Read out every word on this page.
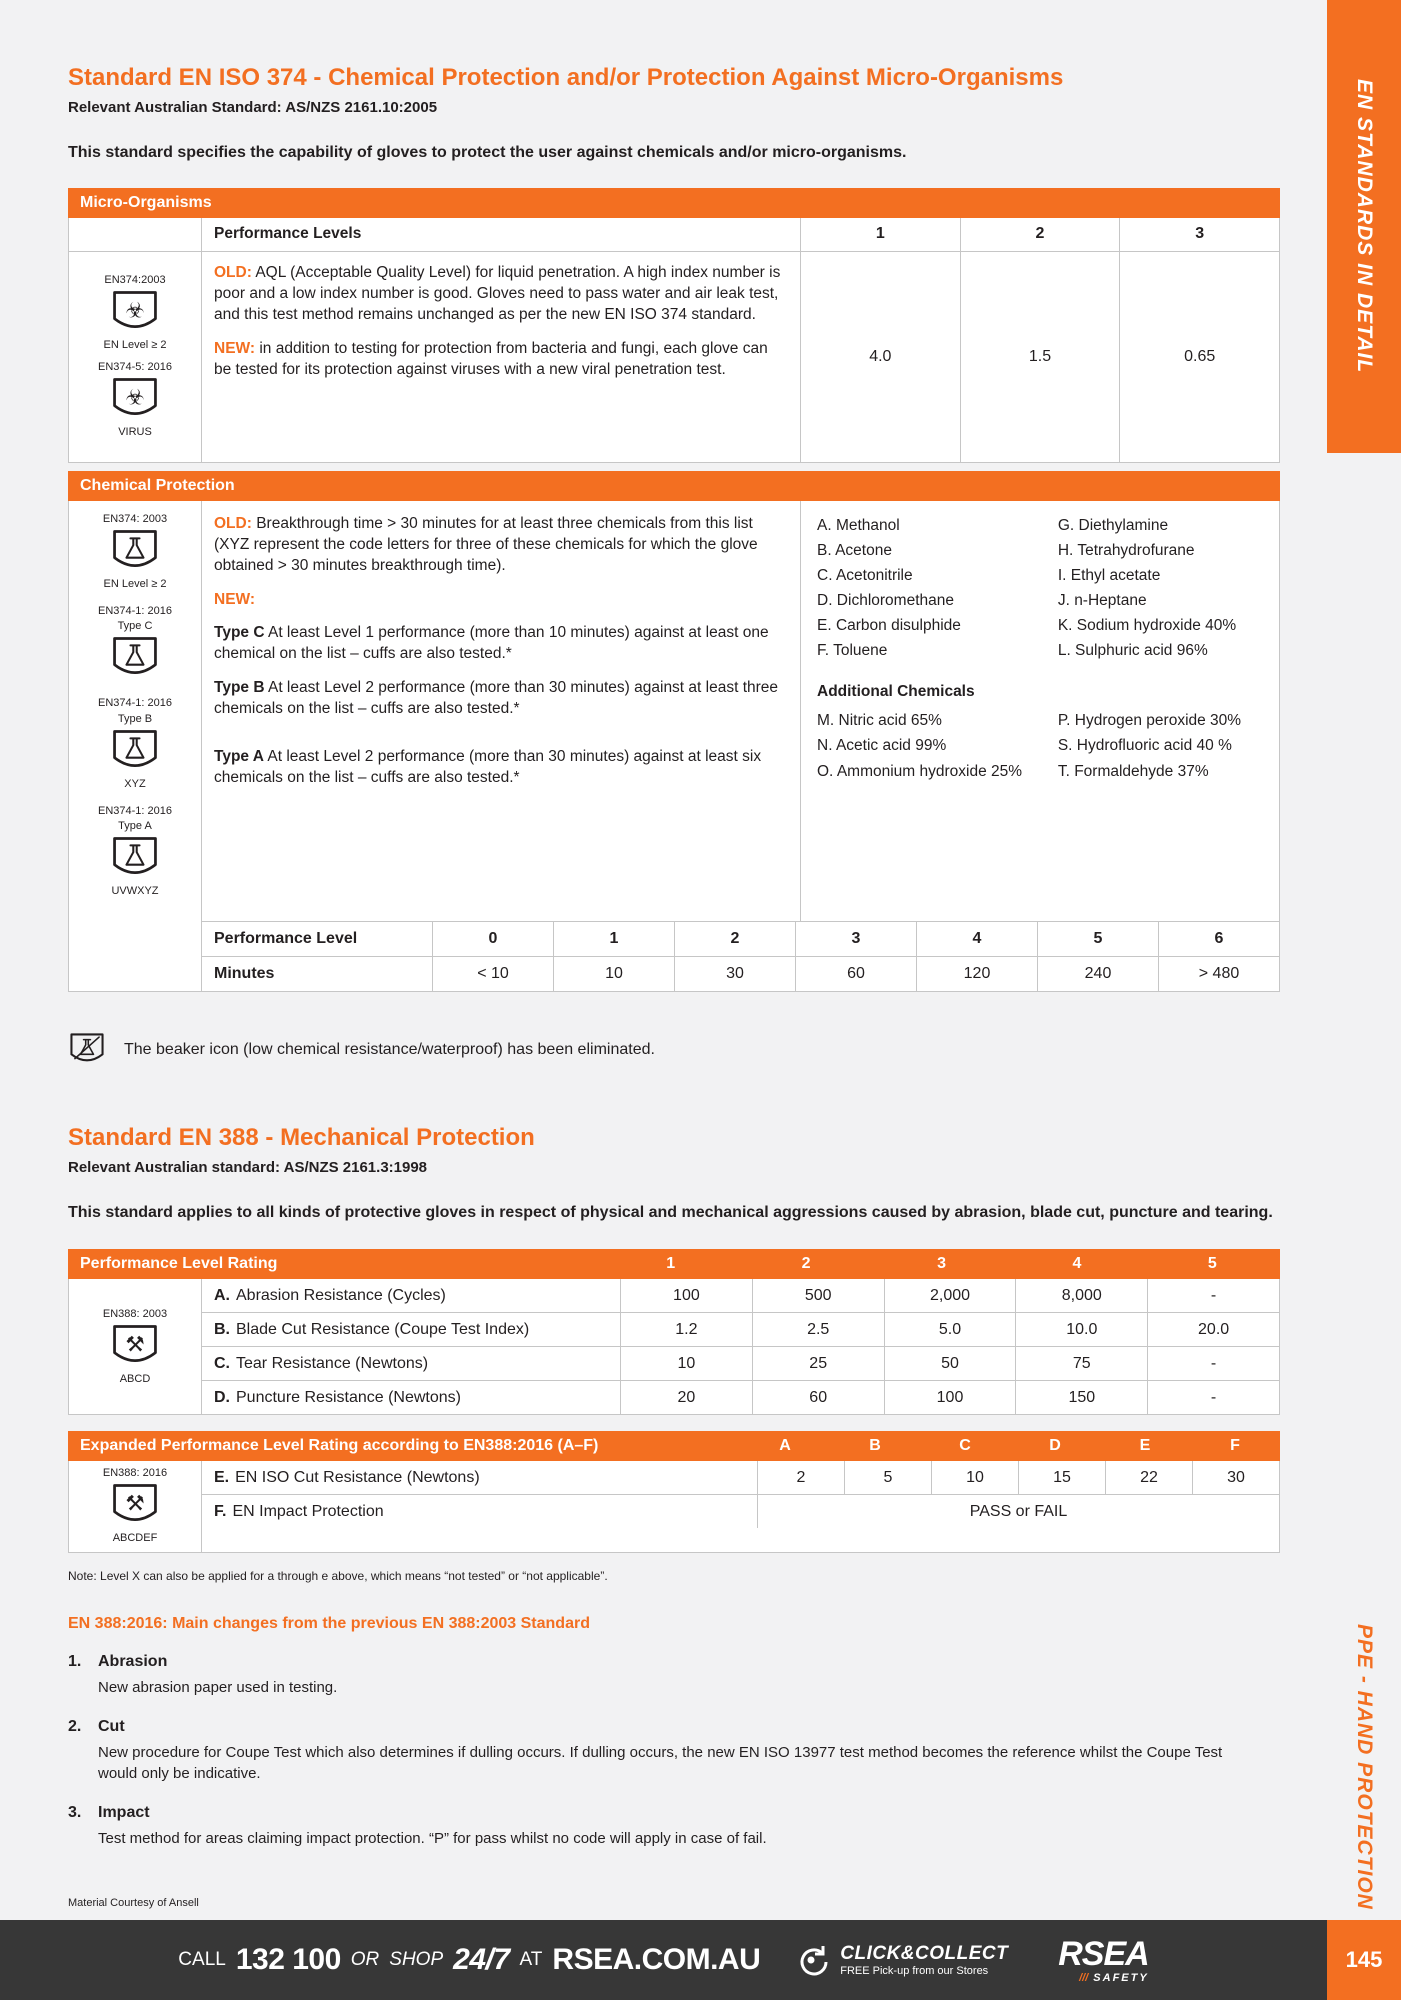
Standard EN ISO 374 - Chemical Protection and/or Protection Against Micro-Organisms
Relevant Australian Standard: AS/NZS 2161.10:2005
This standard specifies the capability of gloves to protect the user against chemicals and/or micro-organisms.
Micro-Organisms
Performance Levels	1	2	3
EN374:2003
☣
EN Level ≥ 2
EN374-5: 2016
☣
VIRUS
OLD: AQL (Acceptable Quality Level) for liquid penetration. A high index number is poor and a low index number is good. Gloves need to pass water and air leak test, and this test method remains unchanged as per the new EN ISO 374 standard.
NEW: in addition to testing for protection from bacteria and fungi, each glove can be tested for its protection against viruses with a new viral penetration test.
4.0	1.5	0.65
Chemical Protection
EN374: 2003
EN Level ≥ 2
EN374-1: 2016
Type C
EN374-1: 2016
Type B
XYZ
EN374-1: 2016
Type A
UVWXYZ
OLD: Breakthrough time > 30 minutes for at least three chemicals from this list (XYZ represent the code letters for three of these chemicals for which the glove obtained > 30 minutes breakthrough time).
NEW:
Type C At least Level 1 performance (more than 10 minutes) against at least one chemical on the list – cuffs are also tested.*
Type B At least Level 2 performance (more than 30 minutes) against at least three chemicals on the list – cuffs are also tested.*
Type A At least Level 2 performance (more than 30 minutes) against at least six chemicals on the list – cuffs are also tested.*
A. Methanol
B. Acetone
C. Acetonitrile
D. Dichloromethane
E. Carbon disulphide
F. Toluene
G. Diethylamine
H. Tetrahydrofurane
I. Ethyl acetate
J. n-Heptane
K. Sodium hydroxide 40%
L. Sulphuric acid 96%
Additional Chemicals
M. Nitric acid 65%
N. Acetic acid 99%
O. Ammonium hydroxide 25%
P. Hydrogen peroxide 30%
S. Hydrofluoric acid 40 %
T. Formaldehyde 37%
Performance Level	0	1	2	3	4	5	6
Minutes	< 10	10	30	60	120	240	> 480
The beaker icon (low chemical resistance/waterproof) has been eliminated.
Standard EN 388 - Mechanical Protection
Relevant Australian standard: AS/NZS 2161.3:1998
This standard applies to all kinds of protective gloves in respect of physical and mechanical aggressions caused by abrasion, blade cut, puncture and tearing.
Performance Level Rating	1	2	3	4	5
EN388: 2003
⚒
ABCD
A. Abrasion Resistance (Cycles)	100	500	2,000	8,000	-
B. Blade Cut Resistance (Coupe Test Index)	1.2	2.5	5.0	10.0	20.0
C. Tear Resistance (Newtons)	10	25	50	75	-
D. Puncture Resistance (Newtons)	20	60	100	150	-
Expanded Performance Level Rating according to EN388:2016 (A–F)	A	B	C	D	E	F
EN388: 2016
⚒
ABCDEF
E. EN ISO Cut Resistance (Newtons)	2	5	10	15	22	30
F. EN Impact Protection	PASS or FAIL
Note: Level X can also be applied for a through e above, which means “not tested” or “not applicable”.
EN 388:2016: Main changes from the previous EN 388:2003 Standard
1. Abrasion
New abrasion paper used in testing.
2. Cut
New procedure for Coupe Test which also determines if dulling occurs. If dulling occurs, the new EN ISO 13977 test method becomes the reference whilst the Coupe Test would only be indicative.
3. Impact
Test method for areas claiming impact protection. “P” for pass whilst no code will apply in case of fail.
Material Courtesy of Ansell
EN STANDARDS IN DETAIL
PPE - HAND PROTECTION
145
CALL 132 100 OR SHOP 24/7 AT RSEA.COM.AU	CLICK&COLLECT
FREE Pick-up from our Stores	RSEA
/// SAFETY
